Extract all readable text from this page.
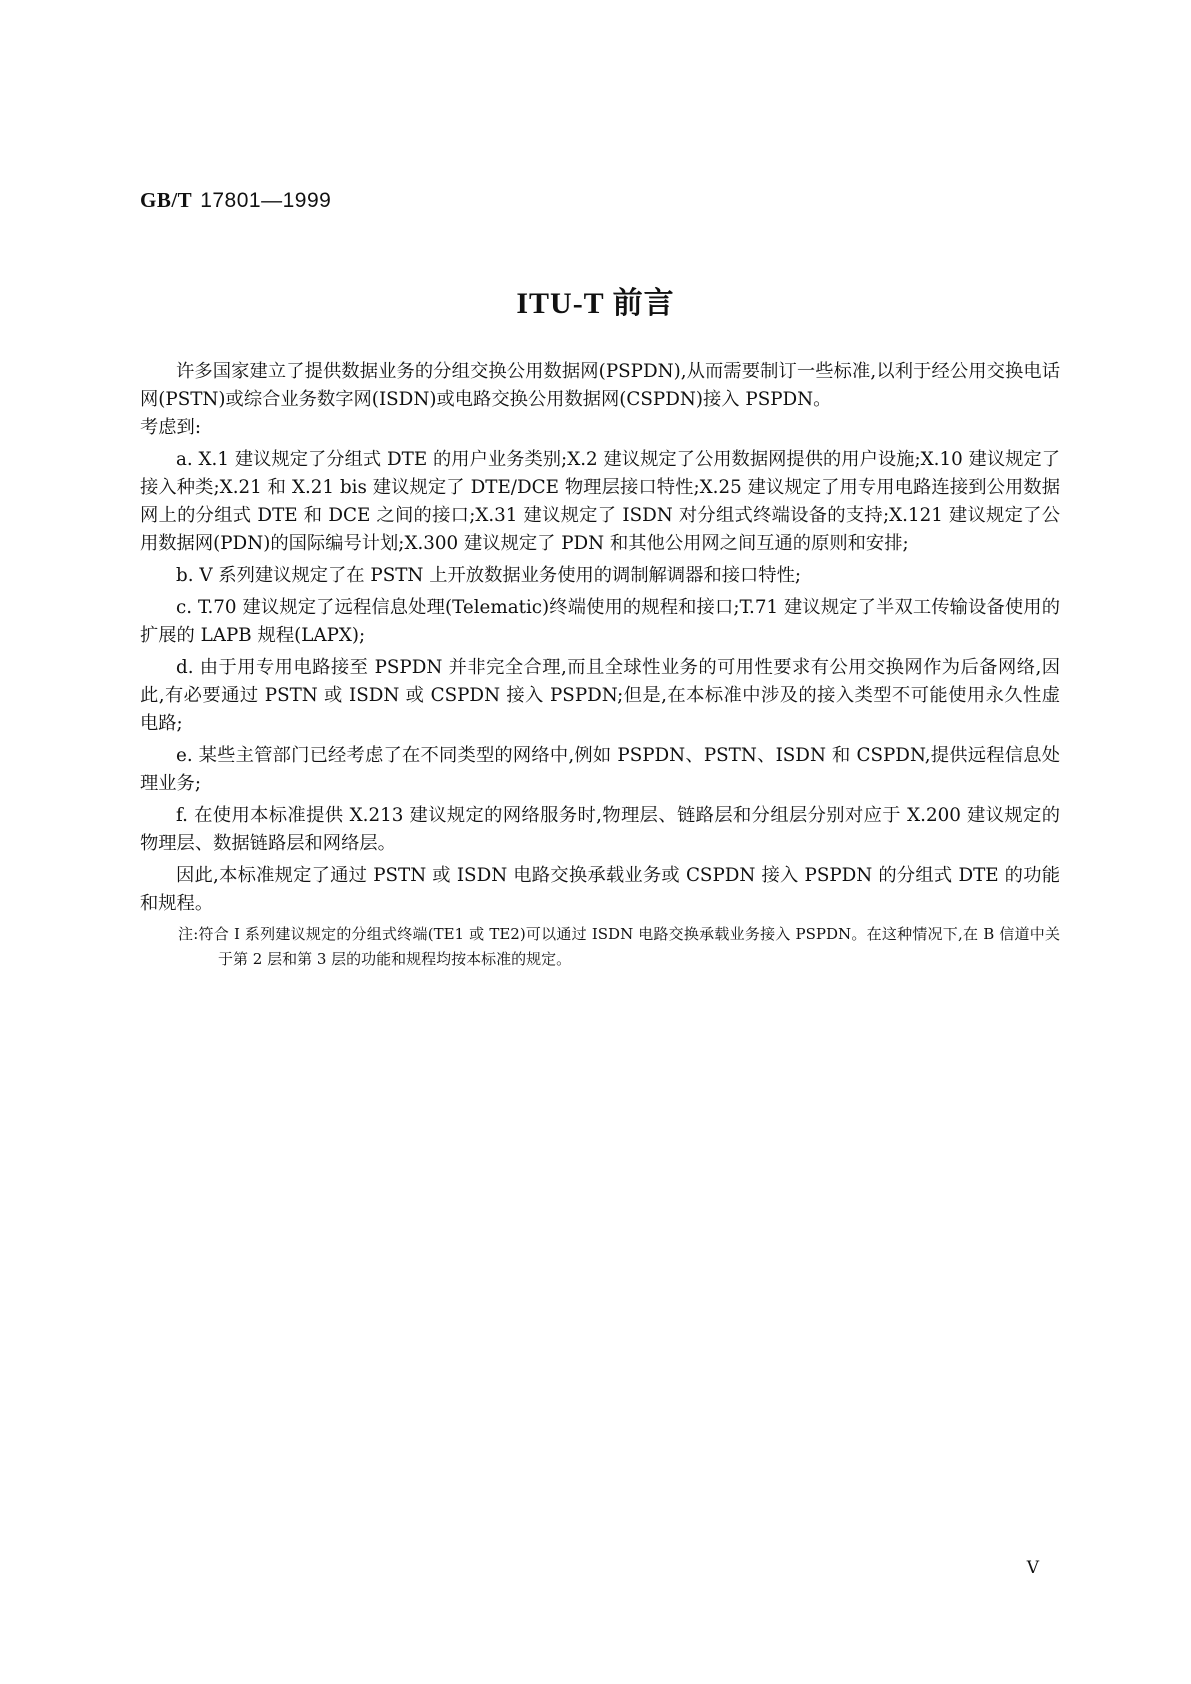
GB/T 17801—1999
ITU-T 前言

许多国家建立了提供数据业务的分组交换公用数据网(PSPDN),从而需要制订一些标准,以利于经公用交换电话网(PSTN)或综合业务数字网(ISDN)或电路交换公用数据网(CSPDN)接入 PSPDN。

考虑到:

a. X.1 建议规定了分组式 DTE 的用户业务类别;X.2 建议规定了公用数据网提供的用户设施;X.10 建议规定了接入种类;X.21 和 X.21 bis 建议规定了 DTE/DCE 物理层接口特性;X.25 建议规定了用专用电路连接到公用数据网上的分组式 DTE 和 DCE 之间的接口;X.31 建议规定了 ISDN 对分组式终端设备的支持;X.121 建议规定了公用数据网(PDN)的国际编号计划;X.300 建议规定了 PDN 和其他公用网之间互通的原则和安排;

b. V 系列建议规定了在 PSTN 上开放数据业务使用的调制解调器和接口特性;

c. T.70 建议规定了远程信息处理(Telematic)终端使用的规程和接口;T.71 建议规定了半双工传输设备使用的扩展的 LAPB 规程(LAPX);

d. 由于用专用电路接至 PSPDN 并非完全合理,而且全球性业务的可用性要求有公用交换网作为后备网络,因此,有必要通过 PSTN 或 ISDN 或 CSPDN 接入 PSPDN;但是,在本标准中涉及的接入类型不可能使用永久性虚电路;

e. 某些主管部门已经考虑了在不同类型的网络中,例如 PSPDN、PSTN、ISDN 和 CSPDN,提供远程信息处理业务;

f. 在使用本标准提供 X.213 建议规定的网络服务时,物理层、链路层和分组层分别对应于 X.200 建议规定的物理层、数据链路层和网络层。

因此,本标准规定了通过 PSTN 或 ISDN 电路交换承载业务或 CSPDN 接入 PSPDN 的分组式 DTE 的功能和规程。

注:符合 I 系列建议规定的分组式终端(TE1 或 TE2)可以通过 ISDN 电路交换承载业务接入 PSPDN。在这种情况下,在 B 信道中关于第 2 层和第 3 层的功能和规程均按本标准的规定。
V
